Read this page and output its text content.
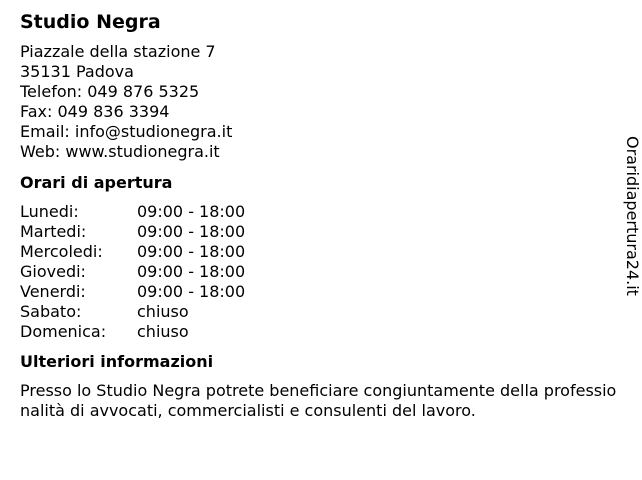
Studio Negra
Piazzale della stazione 7
35131 Padova
Telefon: 049 876 5325
Fax: 049 836 3394
Email: info@studionegra.it
Web: www.studionegra.it
Orari di apertura
Lunedi:	09:00 - 18:00
Martedi:	09:00 - 18:00
Mercoledi:	09:00 - 18:00
Giovedi:	09:00 - 18:00
Venerdi:	09:00 - 18:00
Sabato:	chiuso
Domenica:	chiuso
Ulteriori informazioni
Presso lo Studio Negra potrete beneficiare congiuntamente della professionalità di avvocati, commercialisti e consulenti del lavoro.
Oraridiapertura24.it
